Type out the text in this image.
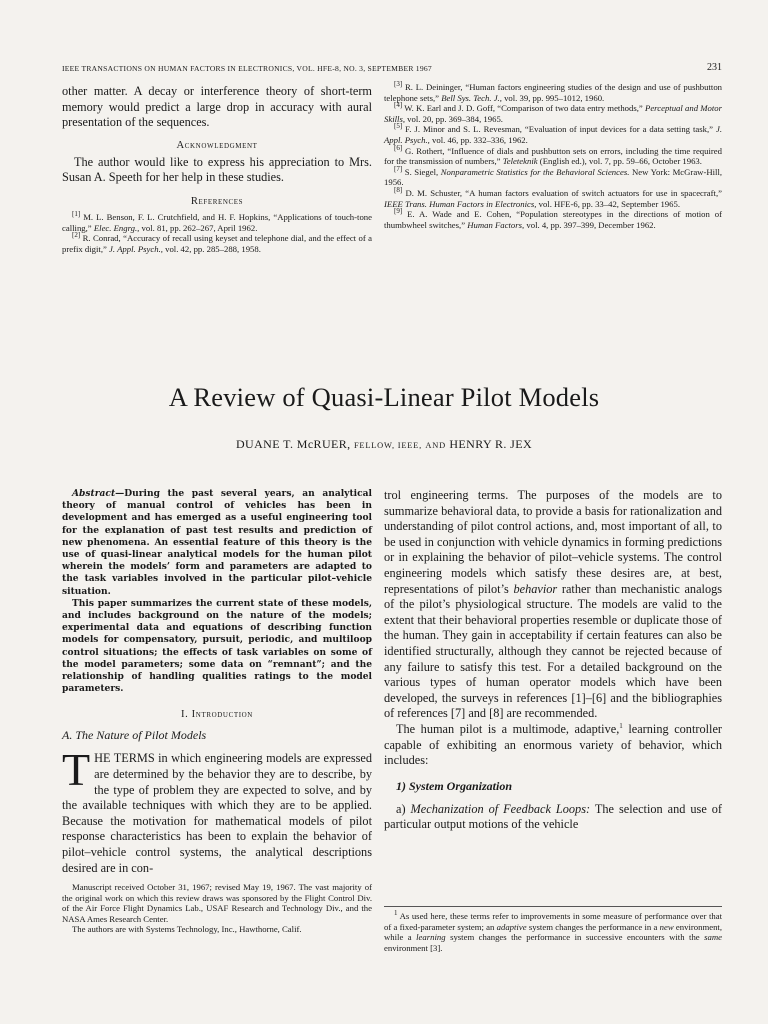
IEEE TRANSACTIONS ON HUMAN FACTORS IN ELECTRONICS, VOL. HFE-8, NO. 3, SEPTEMBER 1967	231

other matter. A decay or interference theory of short-term memory would predict a large drop in accuracy with aural presentation of the sequences.

Acknowledgment

The author would like to express his appreciation to Mrs. Susan A. Speeth for her help in these studies.

References
[1] M. L. Benson, F. L. Crutchfield, and H. F. Hopkins, “Applications of touch-tone calling,” Elec. Engrg., vol. 81, pp. 262–267, April 1962.
[2] R. Conrad, “Accuracy of recall using keyset and telephone dial, and the effect of a prefix digit,” J. Appl. Psych., vol. 42, pp. 285–288, 1958.
[3] R. L. Deininger, “Human factors engineering studies of the design and use of pushbutton telephone sets,” Bell Sys. Tech. J., vol. 39, pp. 995–1012, 1960.
[4] W. K. Earl and J. D. Goff, “Comparison of two data entry methods,” Perceptual and Motor Skills, vol. 20, pp. 369–384, 1965.
[5] F. J. Minor and S. L. Revesman, “Evaluation of input devices for a data setting task,” J. Appl. Psych., vol. 46, pp. 332–336, 1962.
[6] G. Rothert, “Influence of dials and pushbutton sets on errors, including the time required for the transmission of numbers,” Teleteknik (English ed.), vol. 7, pp. 59–66, October 1963.
[7] S. Siegel, Nonparametric Statistics for the Behavioral Sciences. New York: McGraw-Hill, 1956.
[8] D. M. Schuster, “A human factors evaluation of switch actuators for use in spacecraft,” IEEE Trans. Human Factors in Electronics, vol. HFE-6, pp. 33–42, September 1965.
[9] E. A. Wade and E. Cohen, “Population stereotypes in the directions of motion of thumbwheel switches,” Human Factors, vol. 4, pp. 397–399, December 1962.
A Review of Quasi-Linear Pilot Models
DUANE T. McRUER, FELLOW, IEEE, AND HENRY R. JEX

Abstract—During the past several years, an analytical theory of manual control of vehicles has been in development and has emerged as a useful engineering tool for the explanation of past test results and prediction of new phenomena. An essential feature of this theory is the use of quasi-linear analytical models for the human pilot wherein the models’ form and parameters are adapted to the task variables involved in the particular pilot–vehicle situation.

This paper summarizes the current state of these models, and includes background on the nature of the models; experimental data and equations of describing function models for compensatory, pursuit, periodic, and multiloop control situations; the effects of task variables on some of the model parameters; some data on “remnant”; and the relationship of handling qualities ratings to the model parameters.

I. Introduction
A. The Nature of Pilot Models
THE TERMS in which engineering models are expressed are determined by the behavior they are to describe, by the type of problem they are expected to solve, and by the available techniques with which they are to be applied. Because the motivation for mathematical models of pilot response characteristics has been to explain the behavior of pilot–vehicle control systems, the analytical descriptions desired are in con-

trol engineering terms. The purposes of the models are to summarize behavioral data, to provide a basis for rationalization and understanding of pilot control actions, and, most important of all, to be used in conjunction with vehicle dynamics in forming predictions or in explaining the behavior of pilot–vehicle systems. The control engineering models which satisfy these desires are, at best, representations of pilot’s behavior rather than mechanistic analogs of the pilot’s physiological structure. The models are valid to the extent that their behavioral properties resemble or duplicate those of the human. They gain in acceptability if certain features can also be identified structurally, although they cannot be rejected because of any failure to satisfy this test. For a detailed background on the various types of human operator models which have been developed, the surveys in references [1]–[6] and the bibliographies of references [7] and [8] are recommended.

The human pilot is a multimode, adaptive,$^1$ learning controller capable of exhibiting an enormous variety of behavior, which includes:

1) System Organization

a) Mechanization of Feedback Loops: The selection and use of particular output motions of the vehicle

Manuscript received October 31, 1967; revised May 19, 1967. The vast majority of the original work on which this review draws was sponsored by the Flight Control Div. of the Air Force Flight Dynamics Lab., USAF Research and Technology Div., and the NASA Ames Research Center.

The authors are with Systems Technology, Inc., Hawthorne, Calif.

$^1$ As used here, these terms refer to improvements in some measure of performance over that of a fixed-parameter system; an adaptive system changes the performance in a new environment, while a learning system changes the performance in successive encounters with the same environment [3].
